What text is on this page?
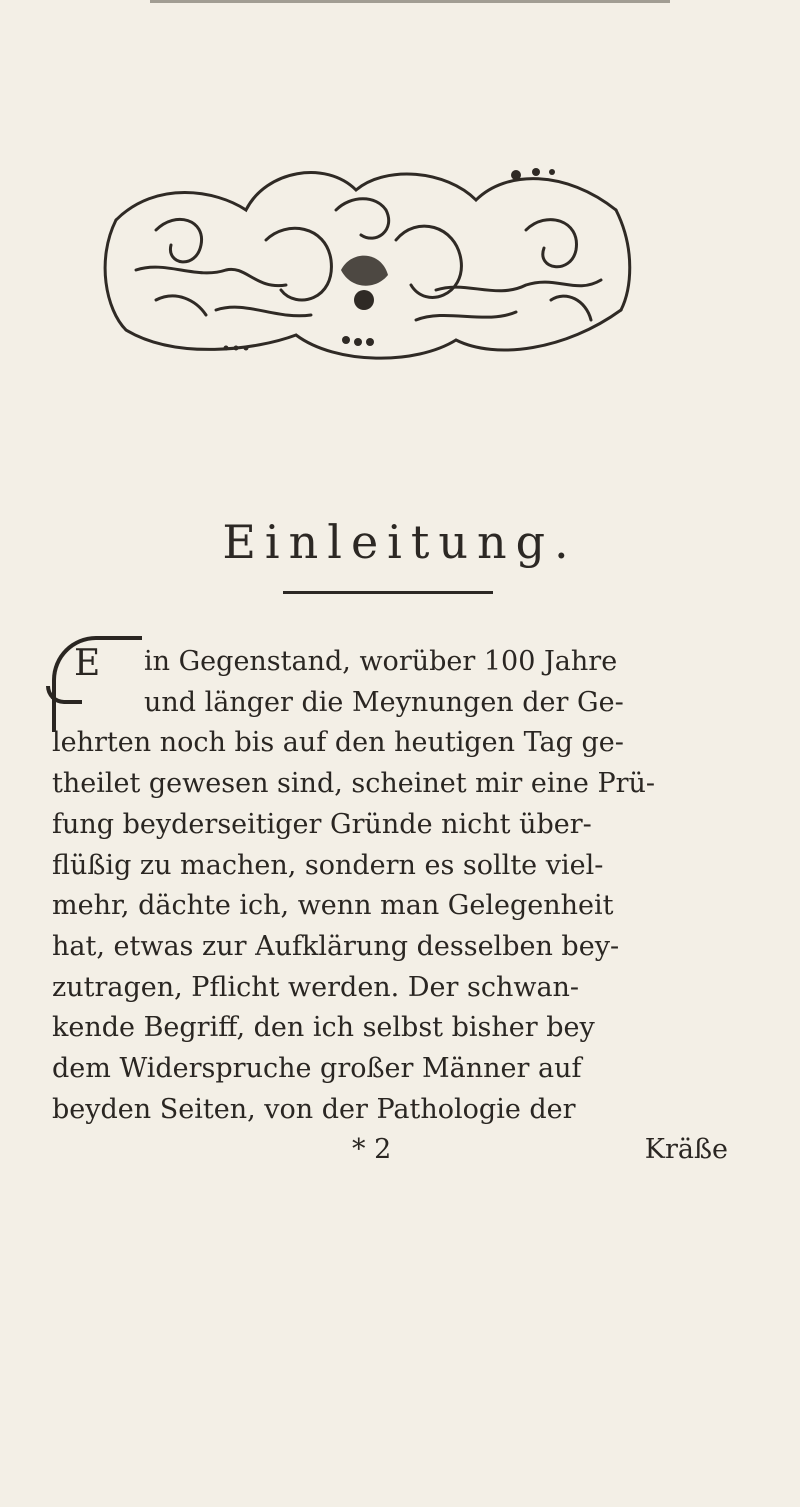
Einleitung.
E	in Gegenstand, worüber 100 Jahre
und länger die Meynungen der Ge-
lehrten noch bis auf den heutigen Tag ge-
theilet gewesen sind, scheinet mir eine Prü-
fung beyderseitiger Gründe nicht über-
flüßig zu machen, sondern es sollte viel-
mehr, dächte ich, wenn man Gelegenheit
hat, etwas zur Aufklärung desselben bey-
zutragen, Pflicht werden. Der schwan-
kende Begriff, den ich selbst bisher bey
dem Widerspruche großer Männer auf
beyden Seiten, von der Pathologie der
* 2	Kräße
